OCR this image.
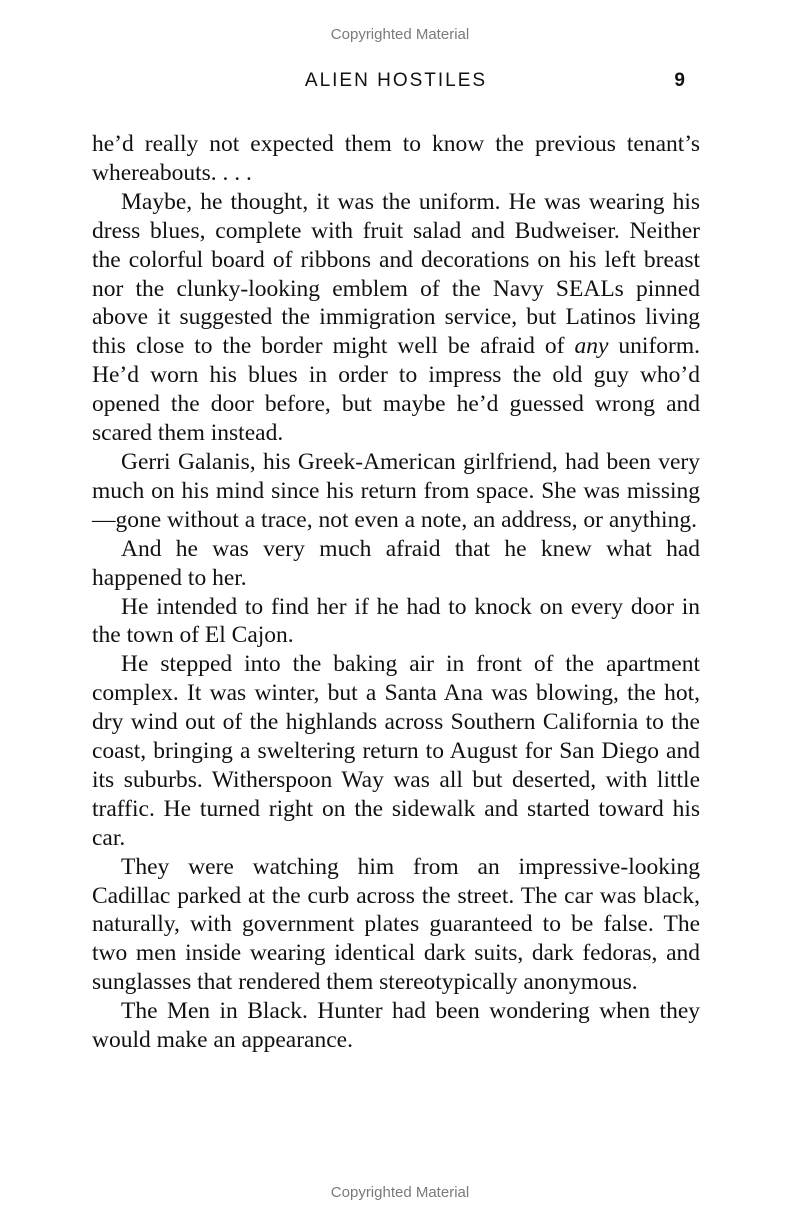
Copyrighted Material
ALIEN HOSTILES	9

he’d really not expected them to know the previous tenant’s whereabouts. . . .

Maybe, he thought, it was the uniform. He was wearing his dress blues, complete with fruit salad and Budweiser. Neither the colorful board of ribbons and decorations on his left breast nor the clunky-looking emblem of the Navy SEALs pinned above it suggested the immigration service, but Latinos living this close to the border might well be afraid of any uniform. He’d worn his blues in order to impress the old guy who’d opened the door before, but maybe he’d guessed wrong and scared them instead.

Gerri Galanis, his Greek-American girlfriend, had been very much on his mind since his return from space. She was missing—gone without a trace, not even a note, an address, or anything.

And he was very much afraid that he knew what had happened to her.

He intended to find her if he had to knock on every door in the town of El Cajon.

He stepped into the baking air in front of the apartment complex. It was winter, but a Santa Ana was blowing, the hot, dry wind out of the highlands across Southern California to the coast, bringing a sweltering return to August for San Diego and its suburbs. Witherspoon Way was all but deserted, with little traffic. He turned right on the sidewalk and started toward his car.

They were watching him from an impressive-looking Cadillac parked at the curb across the street. The car was black, naturally, with government plates guaranteed to be false. The two men inside wearing identical dark suits, dark fedoras, and sunglasses that rendered them stereotypically anonymous.

The Men in Black. Hunter had been wondering when they would make an appearance.

Copyrighted Material
